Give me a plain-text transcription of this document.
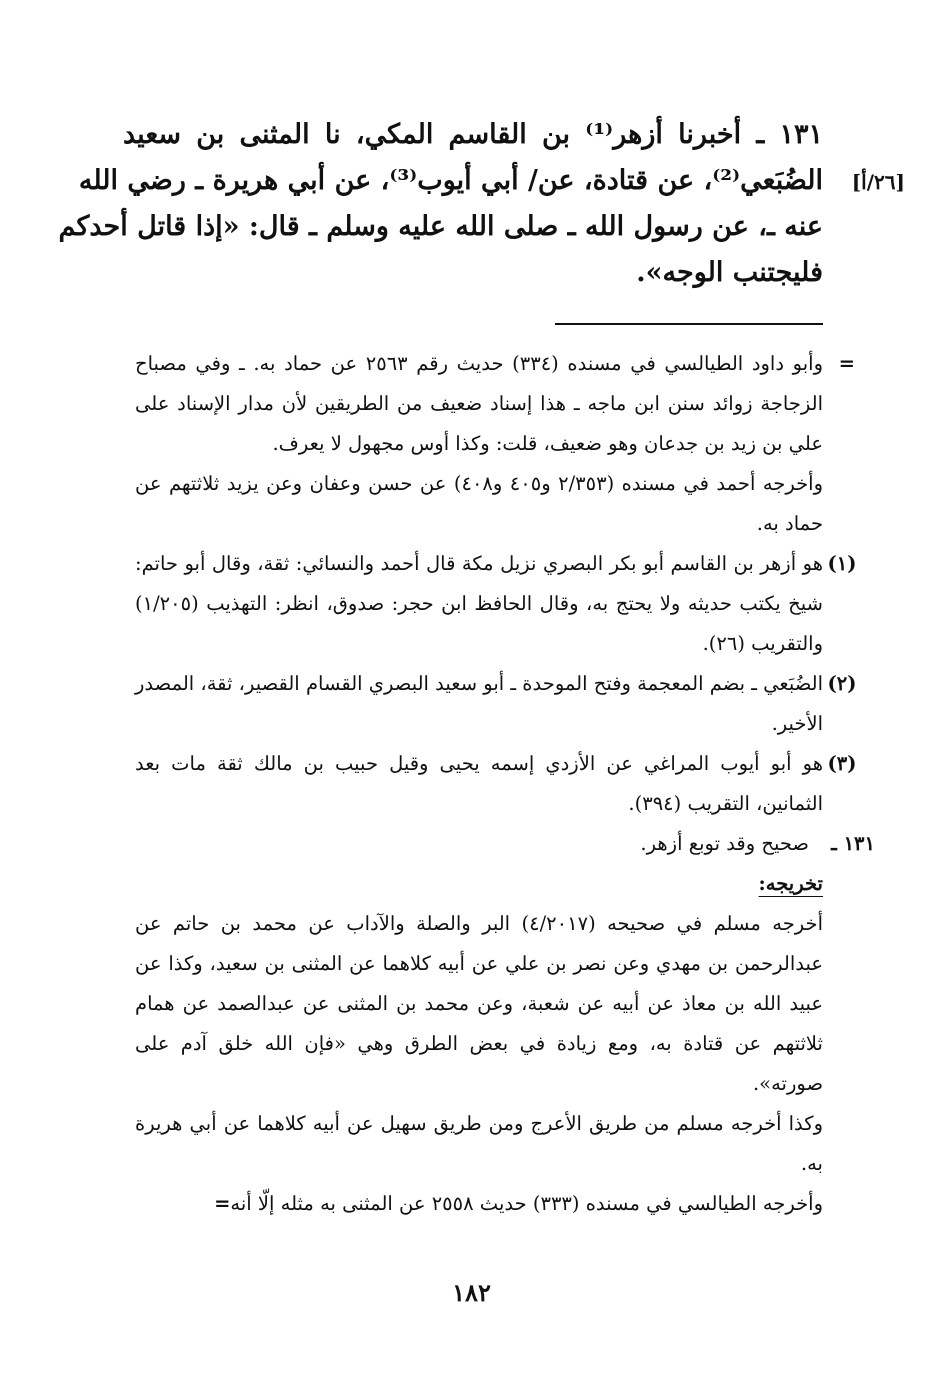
[٢٦/أ]
١٣١ ـ أخبرنا أزهر⁽¹⁾ بن القاسم المكي، نا المثنى بن سعيد
الضُبَعي⁽²⁾، عن قتادة، عن/ أبي أيوب⁽³⁾، عن أبي هريرة ـ رضي الله
عنه ـ، عن رسول الله ـ صلى الله عليه وسلم ـ قال: «إذا قاتل أحدكم
فليجتنب الوجه».
=
وأبو داود الطيالسي في مسنده (٣٣٤) حديث رقم ٢٥٦٣ عن حماد به. ـ وفي مصباح الزجاجة زوائد سنن ابن ماجه ـ هذا إسناد ضعيف من الطريقين لأن مدار الإسناد على علي بن زيد بن جدعان وهو ضعيف، قلت: وكذا أوس مجهول لا يعرف.
وأخرجه أحمد في مسنده (٢/٣٥٣ و٤٠٥ و٤٠٨) عن حسن وعفان وعن يزيد ثلاثتهم عن حماد به.
(١)
هو أزهر بن القاسم أبو بكر البصري نزيل مكة قال أحمد والنسائي: ثقة، وقال أبو حاتم: شيخ يكتب حديثه ولا يحتج به، وقال الحافظ ابن حجر: صدوق، انظر: التهذيب (١/٢٠٥) والتقريب (٢٦).
(٢)
الضُبَعي ـ بضم المعجمة وفتح الموحدة ـ أبو سعيد البصري القسام القصير، ثقة، المصدر الأخير.
(٣)
هو أبو أيوب المراغي عن الأزدي إسمه يحيى وقيل حبيب بن مالك ثقة مات بعد الثمانين، التقريب (٣٩٤).
١٣١ ـ
صحيح وقد توبع أزهر.
تخريجه:
أخرجه مسلم في صحيحه (٤/٢٠١٧) البر والصلة والآداب عن محمد بن حاتم عن عبدالرحمن بن مهدي وعن نصر بن علي عن أبيه كلاهما عن المثنى بن سعيد، وكذا عن عبيد الله بن معاذ عن أبيه عن شعبة، وعن محمد بن المثنى عن عبدالصمد عن همام ثلاثتهم عن قتادة به، ومع زيادة في بعض الطرق وهي «فإن الله خلق آدم على صورته».
وكذا أخرجه مسلم من طريق الأعرج ومن طريق سهيل عن أبيه كلاهما عن أبي هريرة به.
وأخرجه الطيالسي في مسنده (٣٣٣) حديث ٢٥٥٨ عن المثنى به مثله إلّا أنه=
١٨٢
